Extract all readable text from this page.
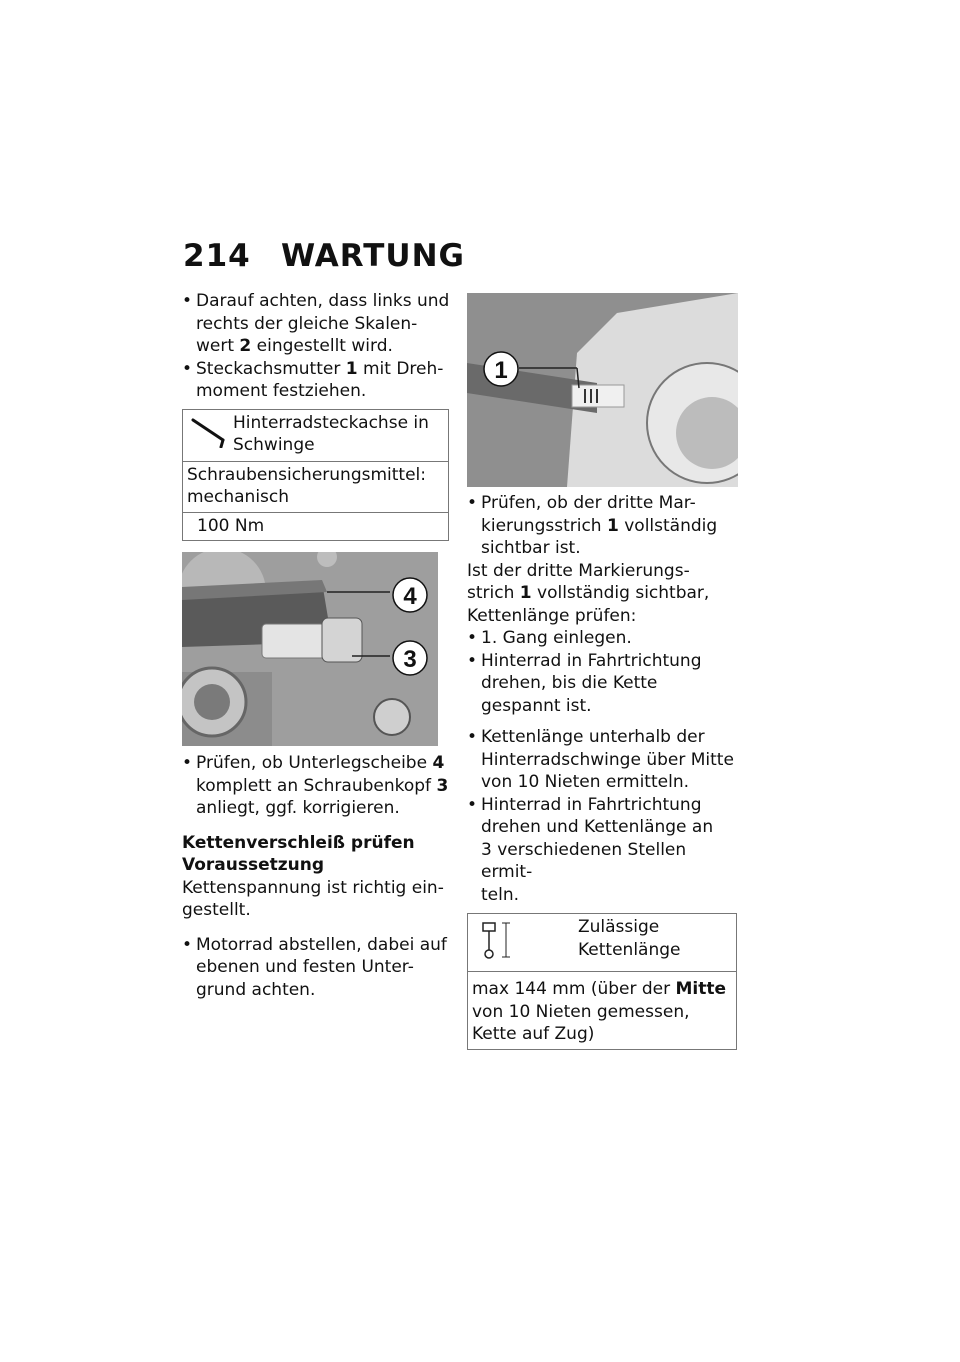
214 WARTUNG
• Darauf achten, dass links und
rechts der gleiche Skalen-
wert 2 eingestellt wird.
• Steckachsmutter 1 mit Dreh-
moment festziehen.
Hinterradsteckachse in
Schwinge
Schraubensicherungsmittel:
mechanisch
100 Nm
4
3
• Prüfen, ob Unterlegscheibe 4
komplett an Schraubenkopf 3
anliegt, ggf. korrigieren.
Kettenverschleiß prüfen
Voraussetzung
Kettenspannung ist richtig ein-
gestellt.
• Motorrad abstellen, dabei auf
ebenen und festen Unter-
grund achten.
1
• Prüfen, ob der dritte Mar-
kierungsstrich 1 vollständig
sichtbar ist.
Ist der dritte Markierungs-
strich 1 vollständig sichtbar,
Kettenlänge prüfen:
• 1. Gang einlegen.
• Hinterrad in Fahrtrichtung
drehen, bis die Kette
gespannt ist.
• Kettenlänge unterhalb der
Hinterradschwinge über Mitte
von 10 Nieten ermitteln.
• Hinterrad in Fahrtrichtung
drehen und Kettenlänge an
3 verschiedenen Stellen ermit-
teln.
Zulässige Kettenlänge
max 144 mm (über der Mitte
von 10 Nieten gemessen,
Kette auf Zug)
